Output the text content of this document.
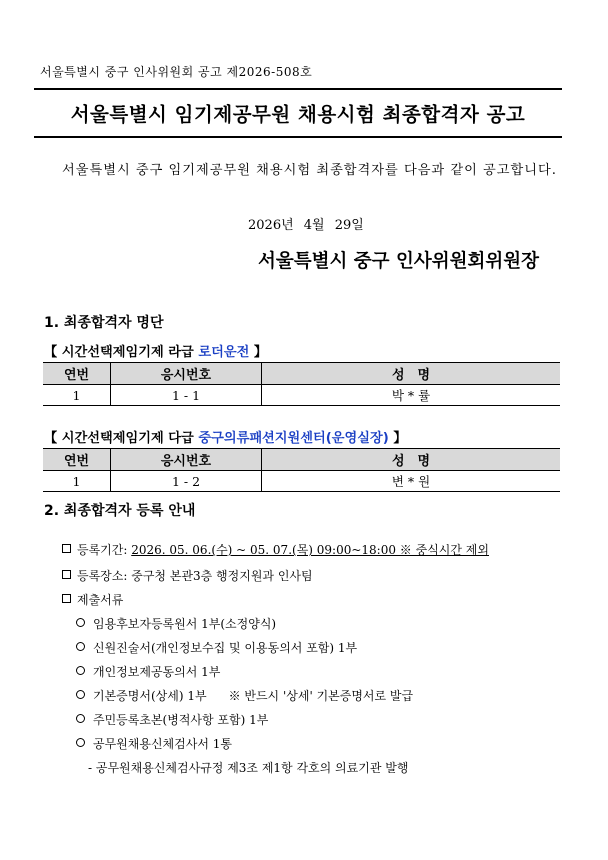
서울특별시 중구 인사위원회 공고 제2026-508호
서울특별시 임기제공무원 채용시험 최종합격자 공고
서울특별시 중구 임기제공무원 채용시험 최종합격자를 다음과 같이 공고합니다.
2026년 4월 29일
서울특별시 중구 인사위원회위원장
1. 최종합격자 명단
【 시간선택제임기제 라급 로더운전 】
연번	응시번호	성　명
1	1 - 1	박 * 률
【 시간선택제임기제 다급 중구의류패션지원센터(운영실장) 】
연번	응시번호	성　명
1	1 - 2	변 * 원
2. 최종합격자 등록 안내
등록기간: 2026. 05. 06.(수) ~ 05. 07.(목) 09:00~18:00 ※ 중식시간 제외
등록장소: 중구청 본관3층 행정지원과 인사팀
제출서류
임용후보자등록원서 1부(소정양식)
신원진술서(개인정보수집 및 이용동의서 포함) 1부
개인정보제공동의서 1부
기본증명서(상세) 1부 ※ 반드시 '상세' 기본증명서로 발급
주민등록초본(병적사항 포함) 1부
공무원채용신체검사서 1통
- 공무원채용신체검사규정 제3조 제1항 각호의 의료기관 발행
